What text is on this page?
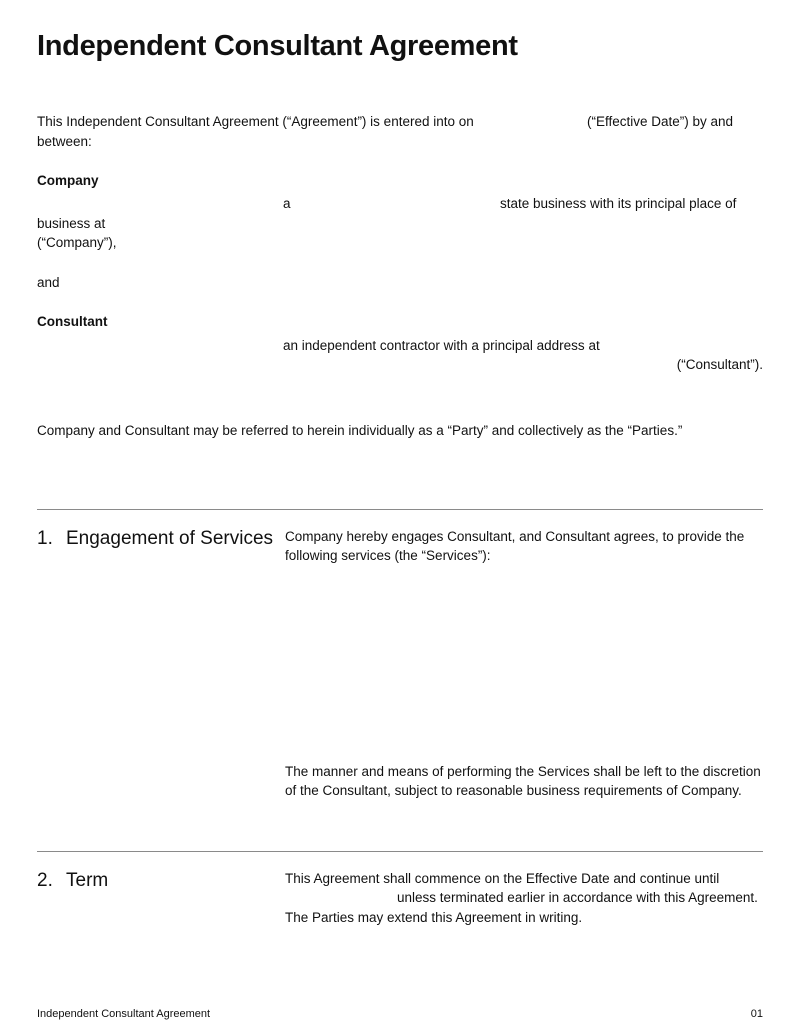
Independent Consultant Agreement
This Independent Consultant Agreement (“Agreement”) is entered into on	(“Effective Date”) by and
between:
Company
a	state business with its principal place of
business at
(“Company”),
and
Consultant
an independent contractor with a principal address at
(“Consultant”).
Company and Consultant may be referred to herein individually as a “Party” and collectively as the “Parties.”
1. Engagement of Services Company hereby engages Consultant, and Consultant agrees, to provide the
following services (the “Services”):
The manner and means of performing the Services shall be left to the discretion
of the Consultant, subject to reasonable business requirements of Company.
2. Term	This Agreement shall commence on the Effective Date and continue until
unless terminated earlier in accordance with this Agreement.
The Parties may extend this Agreement in writing.
Independent Consultant Agreement	01
